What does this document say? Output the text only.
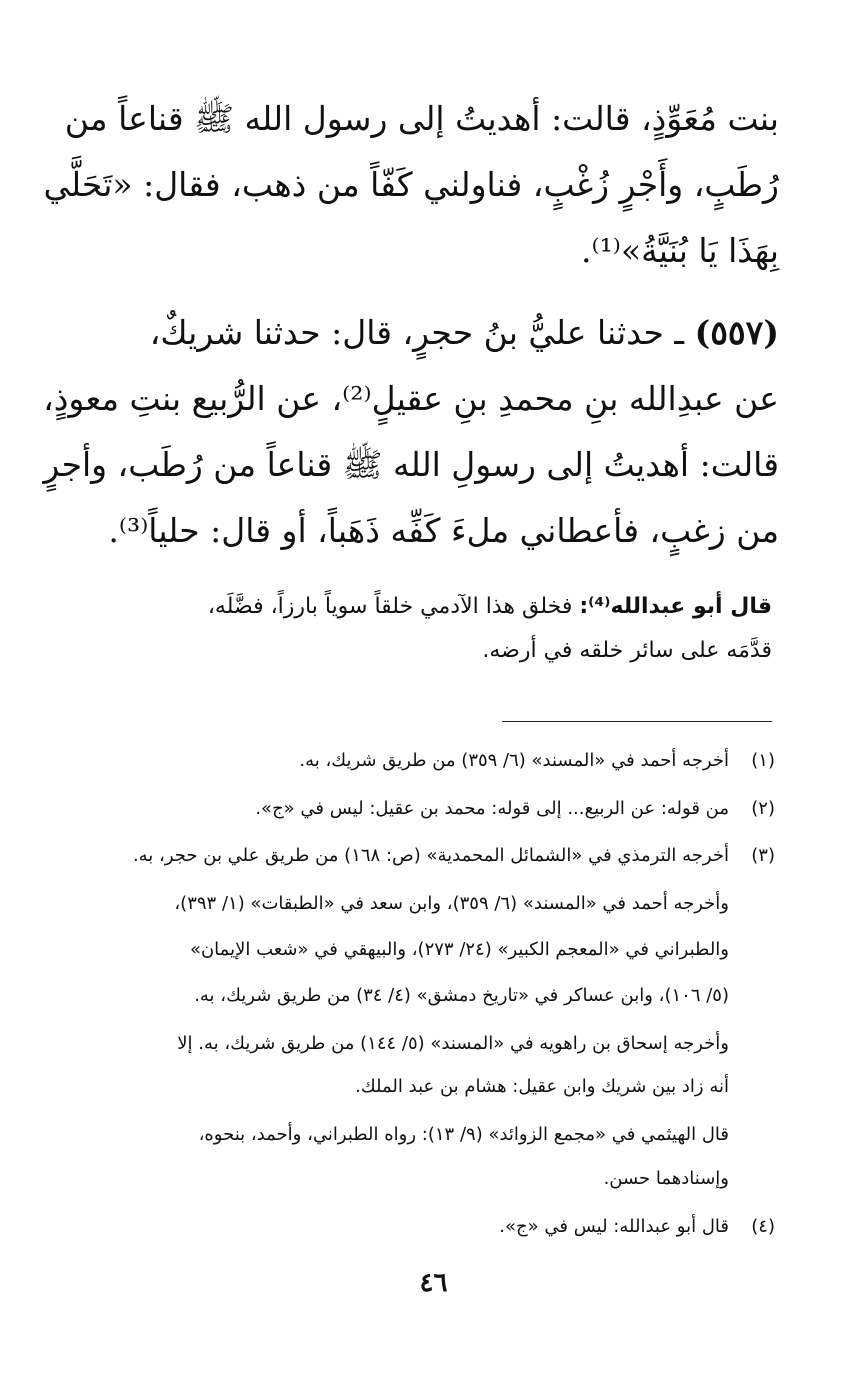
بنت مُعَوِّذٍ، قالت: أهديتُ إلى رسول الله ﷺ قناعاً من
رُطَبٍ، وأَجْرٍ زُغْبٍ، فناولني كَفّاً من ذهب، فقال: «تَحَلَّي
بِهَذَا يَا بُنَيَّةُ»⁽¹⁾.
(٥٥٧) ـ حدثنا عليُّ بنُ حجرٍ، قال: حدثنا شريكٌ،
عن عبدِالله بنِ محمدِ بنِ عقيلٍ⁽²⁾، عن الرُّبيع بنتِ معوذٍ،
قالت: أهديتُ إلى رسولِ الله ﷺ قناعاً من رُطَب، وأجرٍ
من زغبٍ، فأعطاني ملءَ كَفِّه ذَهَباً، أو قال: حلياً⁽³⁾.
قال أبو عبدالله⁽⁴⁾: فخلق هذا الآدمي خلقاً سوياً بارزاً، فضَّلَه،
قدَّمَه على سائر خلقه في أرضه.
(١)أخرجه أحمد في «المسند» (٦/ ٣٥٩) من طريق شريك، به.
(٢)من قوله: عن الربيع... إلى قوله: محمد بن عقيل: ليس في «ج».
(٣)أخرجه الترمذي في «الشمائل المحمدية» (ص: ١٦٨) من طريق علي بن حجر، به.
وأخرجه أحمد في «المسند» (٦/ ٣٥٩)، وابن سعد في «الطبقات» (١/ ٣٩٣)،
والطبراني في «المعجم الكبير» (٢٤/ ٢٧٣)، والبيهقي في «شعب الإيمان»
(٥/ ١٠٦)، وابن عساكر في «تاريخ دمشق» (٤/ ٣٤) من طريق شريك، به.
وأخرجه إسحاق بن راهويه في «المسند» (٥/ ١٤٤) من طريق شريك، به. إلا
أنه زاد بين شريك وابن عقيل: هشام بن عبد الملك.
قال الهيثمي في «مجمع الزوائد» (٩/ ١٣): رواه الطبراني، وأحمد، بنحوه،
وإسنادهما حسن.
(٤)قال أبو عبدالله: ليس في «ج».
٤٦
